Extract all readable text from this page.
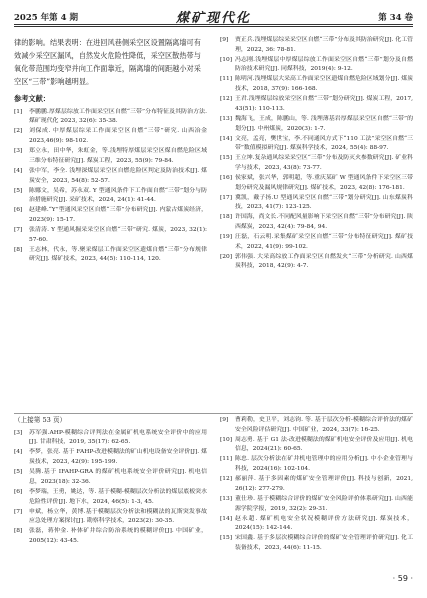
2025 年第 4 期	煤矿现代化	第 34 卷

律的影响。结果表明：在进回风巷侧采空区设置隔离墙可有效减少采空区漏风，自然发火危险性降低，采空区散热带与氧化带范围均变窄并向工作面靠近，隔离墙的间距越小对采空区“三带”影响越明显。

参考文献：
[1]	李鹏鹏.厚煤层综放工作面采空区自燃“三带”分布特征及其防治方法. 煤矿现代化 2023, 32(6): 35-38.
[2]	刘保成. 中厚煤层综采工作面采空区自燃“三带”研究. 山西冶金 2023,46(9): 98-102.
[3]	郑立永，田中华，朱虹金，等.浅埋特厚煤层采空区煤自燃危险区域三维分布特征研究[J]. 煤炭工程，2023, 55(9): 79-84.
[4]	张中军，李全. 浅埋深煤层采空区自燃危险区判定及防治技术[J]. 煤炭安全，2023, 54(8): 52-57.
[5]	陈娜文，吴希，苏永双. Y 型通风条件下工作面自燃“三带”划分与防治措施研究[J]. 采矿技术，2024, 24(1): 41-44.
[6]	赵建峰.“Y”型通风采空区自燃“三带”分布研究[J]. 内蒙古煤炭经济，2023(9): 15-17.
[7]	张清涛. Y 型通风掘采采空区自燃“三带”研究. 煤炭，2023, 32(1): 57-60.
[8]	王志林，代永，等.聚采煤层工作面采空区遗煤自燃“三带”分布规律研究[J]. 煤矿技术，2023, 44(5): 110-114, 120.
[9]	贾正兵.浅埋煤层综采采空区自燃“三带”分布及其防治研究[J]. 化工管理，2022, 36: 78-81.
[10] 冯志刚.浅埋煤层中厚煤层综放工作面采空区自燃“三带”划分及自燃防治技术研究[J]. 同煤科技，2019(4): 9-12.
[11] 陈明河.浅埋煤层大采高工作面采空区遗煤自燃危险区域划分[J]. 煤炭技术，2018, 37(9): 166-168.
[12] 王君.浅埋煤层综放采空区自燃“三带”划分研究[J]. 煤炭工程，2017, 43(51): 110-113.
[13] 魏海飞，王成，陈鹏山，等. 浅埋薄基岩厚煤层采空区自燃“三带”的划分[J]. 中州煤炭，2020(3): 1-7.
[14] 文亮，孟亮，樊世宝，李.不同通风方式下“110 工法”采空区自燃“三带”数值模拟研究[J]. 煤炭科学技术，2024, 55(4): 88-97.
[15] 王立坤.复杂通风综采采空区“三带”分布及防灭火参数研究[J]. 矿业科学与技术，2023, 43(8): 73-77.
[16] 侯家斌，张兴华，郭明超，等.重庆某矿 W 型通风条件下采空区三带划分研究及漏风规律研究[J]. 煤矿技术，2023, 42(8): 176-181.
[17] 冀凯，戴子扬.U 型通风采空区自燃“三带”划分研究[J]. 山东煤炭科技，2023, 41(7): 123-125.
[18] 许国海，尚文长.不同配风量影响下采空区自燃“三带”分布研究[J]. 陕西煤炭，2023, 42(4): 79-84, 94.
[19] 汪磊，石云明.采集煤矿采空区自燃“三带”分布特征研究[J]. 煤矿技术，2022, 41(9): 99-102.
[20] 郭伟强. 大采高综放工作面采空区自燃发火“三带”分析研究. 山西煤炭科技，2018, 42(9): 4-7.
（上接第 53 页）
[3]	苏军强.AHP-模糊综合评判法在金属矿机电系统安全评价中的应用[J]. 甘肃科技，2019, 35(17): 62-65.
[4]	李梦，张亮. 基于 FAHP-改进模糊法的矿山机电设备安全评价[J]. 煤炭技术，2023, 42(9): 195-199.
[5]	吴腾.基于 IFAHP-GRA 的煤矿机电系统安全评价研究[J]. 机电信息，2023(18): 32-36.
[6]	李梦瑞，王勇，姚达，等. 基于模糊-模糊层次分析法的煤层底板突水危险性评价[J]. 地下水，2024, 46(5): 1-3, 45.
[7]	申斌，杨立华，黄博.基于模糊层次分析法和模糊法的瓦斯突发事故应急处理方案探讨[J]. 勘察科学技术，2023(2): 30-35.
[8]	张磊，蒋仲金. 补体矿井综合防治系统的模糊评价[J]. 中国矿业，2005(12): 43-45.
[9]	曹莉勒，史卫平，刘志钧. 等. 基于层次分析-模糊综合评价法的煤矿安全风险评估研究[J]. 中国矿业，2024, 33(7): 16-25.
[10] 周志勇. 基于 G1 法-改进模糊法的煤矿机电安全评价及应用[J]. 机电信息，2024(21): 60-65.
[11] 陈忠. 层次分析法在矿井机电管理中的应用分析[J]. 中小企业管理与科技，2024(16): 102-104.
[12] 郝丽萍. 基于多因素的煤矿安全管理评价[J]. 科技与创新，2021, 26(12): 277-279.
[13] 董仕珍. 基于模糊综合评价的煤矿安全风险评价体系研究[J]. 山西能源学院学报，2019, 32(2): 29-31.
[14] 赵永超. 煤矿机电安全状况模糊评价方法研究[J]. 煤炭技术，2024(15): 142-144.
[15] 宋国鑫. 基于多层次模糊综合评价的煤矿安全管理评价研究[J]. 化工装备技术，2023, 44(6): 11-15.
· 59 ·
